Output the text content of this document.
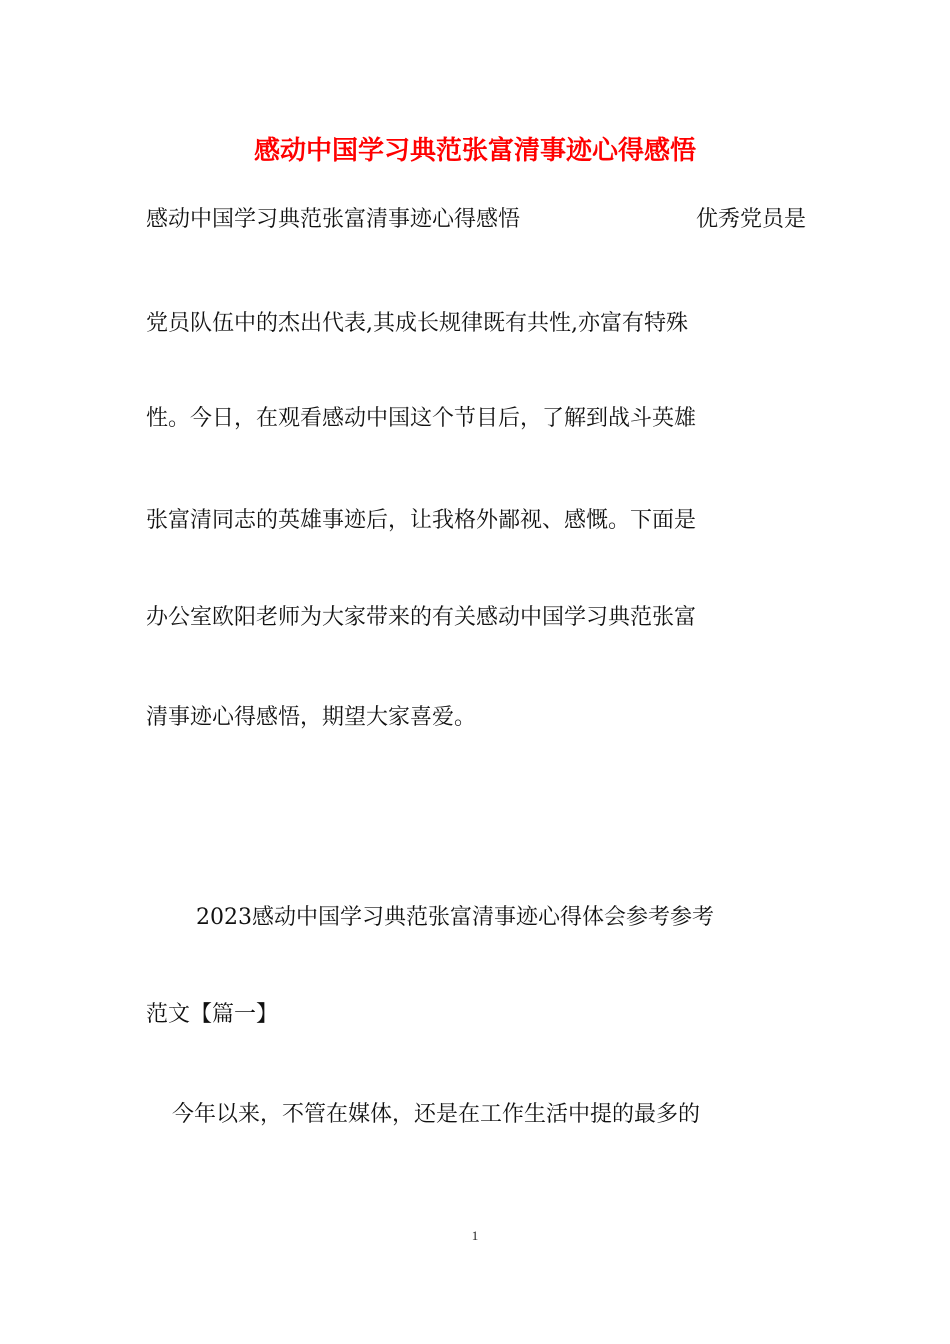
感动中国学习典范张富清事迹心得感悟
感动中国学习典范张富清事迹心得感悟	优秀党员是

党员队伍中的杰出代表,其成长规律既有共性,亦富有特殊

性。今日，在观看感动中国这个节目后，了解到战斗英雄

张富清同志的英雄事迹后，让我格外鄙视、感慨。下面是

办公室欧阳老师为大家带来的有关感动中国学习典范张富

清事迹心得感悟，期望大家喜爱。

2023感动中国学习典范张富清事迹心得体会参考参考

范文【篇一】

今年以来，不管在媒体，还是在工作生活中提的最多的

1
